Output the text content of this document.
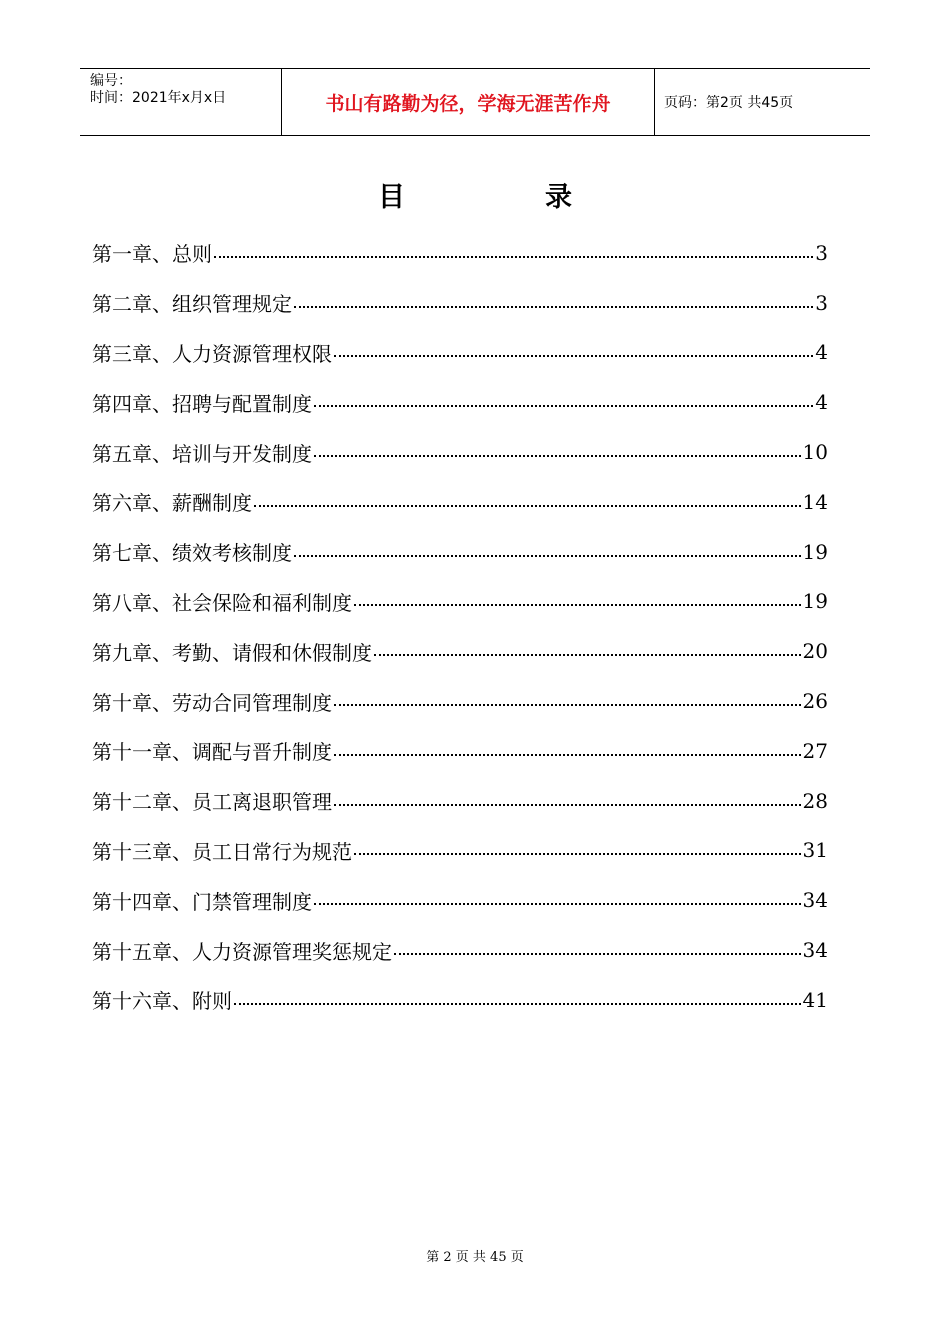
编号：
时间：2021年x月x日	书山有路勤为径，学海无涯苦作舟	页码：第2页 共45页
目录
第一章、总则	3
第二章、组织管理规定	3
第三章、人力资源管理权限	4
第四章、招聘与配置制度	4
第五章、培训与开发制度	10
第六章、薪酬制度	14
第七章、绩效考核制度	19
第八章、社会保险和福利制度	19
第九章、考勤、请假和休假制度	20
第十章、劳动合同管理制度	26
第十一章、调配与晋升制度	27
第十二章、员工离退职管理	28
第十三章、员工日常行为规范	31
第十四章、门禁管理制度	34
第十五章、人力资源管理奖惩规定	34
第十六章、附则	41
第 2 页 共 45 页
